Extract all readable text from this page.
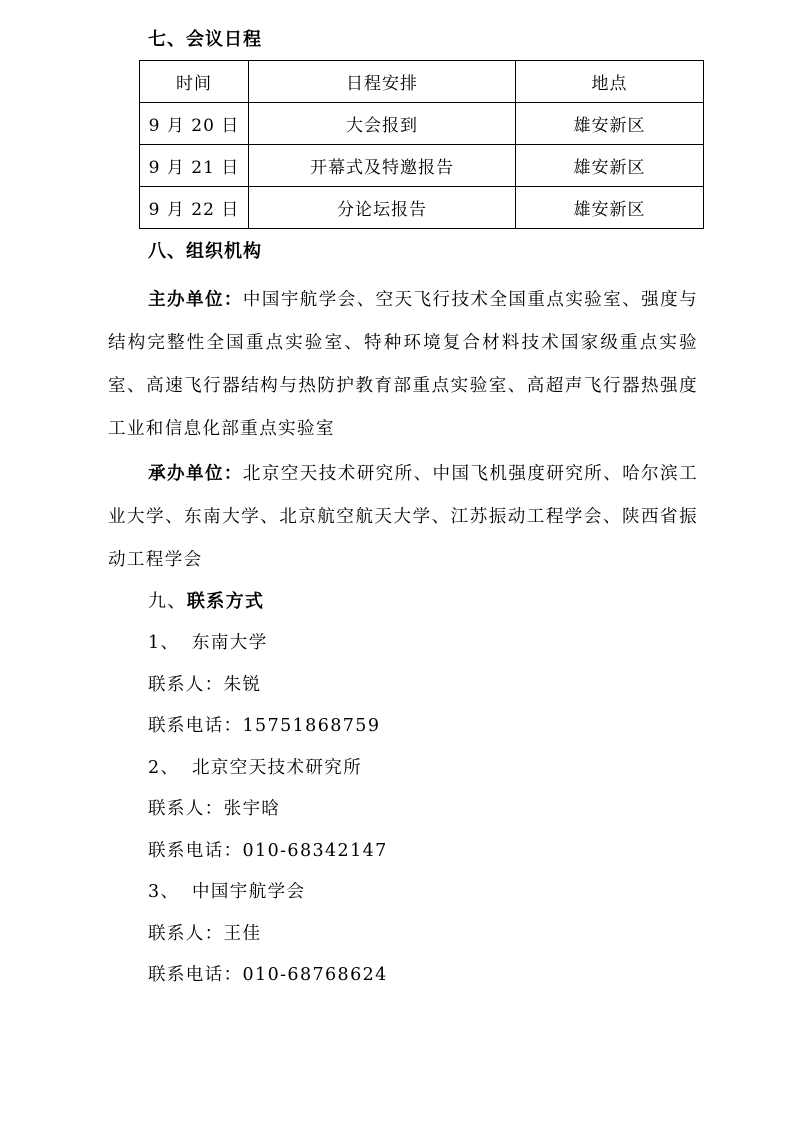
七、会议日程
时间	日程安排	地点
9 月 20 日	大会报到	雄安新区
9 月 21 日	开幕式及特邀报告	雄安新区
9 月 22 日	分论坛报告	雄安新区
八、组织机构
主办单位：中国宇航学会、空天飞行技术全国重点实验室、强度与结构完整性全国重点实验室、特种环境复合材料技术国家级重点实验室、高速飞行器结构与热防护教育部重点实验室、高超声飞行器热强度工业和信息化部重点实验室
承办单位：北京空天技术研究所、中国飞机强度研究所、哈尔滨工业大学、东南大学、北京航空航天大学、江苏振动工程学会、陕西省振动工程学会
九、联系方式
1、 东南大学
联系人：朱锐
联系电话：15751868759
2、 北京空天技术研究所
联系人：张宇晗
联系电话：010-68342147
3、 中国宇航学会
联系人：王佳
联系电话：010-68768624
